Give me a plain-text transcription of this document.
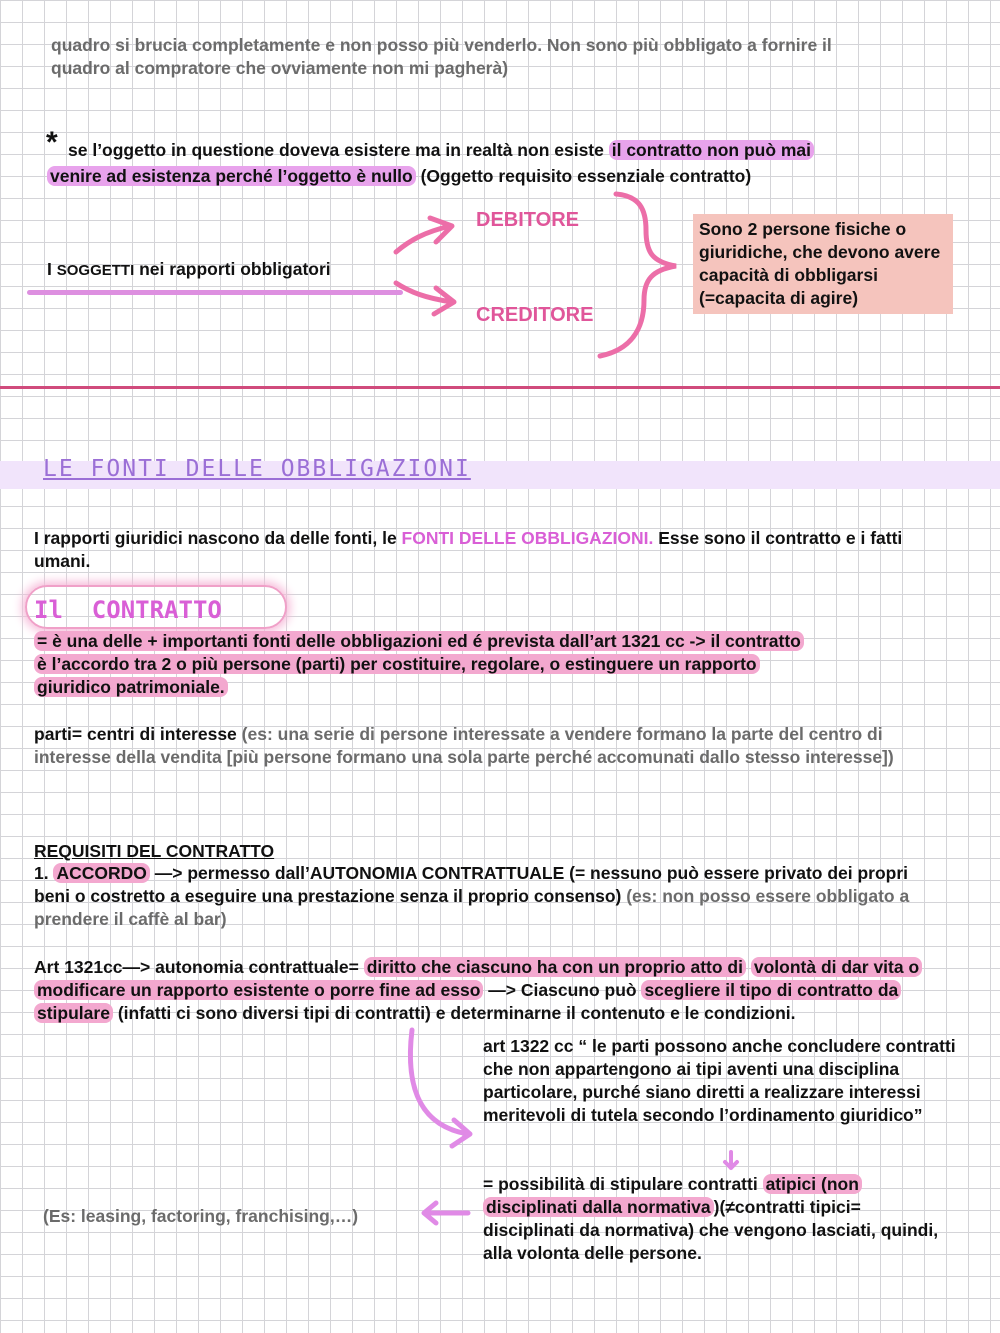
quadro si brucia completamente e non posso più venderlo. Non sono più obbligato a fornire il
quadro al compratore che ovviamente non mi pagherà)
* se l’oggetto in questione doveva esistere ma in realtà non esiste il contratto non può mai
venire ad esistenza perché l’oggetto è nullo (Oggetto requisito essenziale contratto)
I SOGGETTI nei rapporti obbligatori
DEBITORE
CREDITORE
Sono 2 persone fisiche o giuridiche, che devono avere capacità di obbligarsi (=capacita di agire)
LE FONTI DELLE OBBLIGAZIONI
I rapporti giuridici nascono da delle fonti, le FONTI DELLE OBBLIGAZIONI. Esse sono il contratto e i fatti umani.
Il  CONTRATTO
= è una delle + importanti fonti delle obbligazioni ed é prevista dall’art 1321 cc -> il contratto
è l’accordo tra 2 o più persone (parti) per costituire, regolare, o estinguere un rapporto
giuridico patrimoniale.
parti= centri di interesse (es: una serie di persone interessate a vendere formano la parte del centro di interesse della vendita [più persone formano una sola parte perché accomunati dallo stesso interesse])
REQUISITI DEL CONTRATTO
1. ACCORDO —> permesso dall’AUTONOMIA CONTRATTUALE (= nessuno può essere privato dei propri beni o costretto a eseguire una prestazione senza il proprio consenso) (es: non posso essere obbligato a prendere il caffè al bar)
Art 1321cc—> autonomia contrattuale= diritto che ciascuno ha con un proprio atto di volontà di dar vita o modificare un rapporto esistente o porre fine ad esso —> Ciascuno può scegliere il tipo di contratto da stipulare (infatti ci sono diversi tipi di contratti) e determinarne il contenuto e le condizioni.
art 1322 cc “ le parti possono anche concludere contratti che non appartengono ai tipi aventi una disciplina particolare, purché siano diretti a realizzare interessi meritevoli di tutela secondo l’ordinamento giuridico”
= possibilità di stipulare contratti atipici (non disciplinati dalla normativa )(≠contratti tipici= disciplinati da normativa) che vengono lasciati, quindi, alla volonta delle persone.
(Es: leasing, factoring, franchising,…)
